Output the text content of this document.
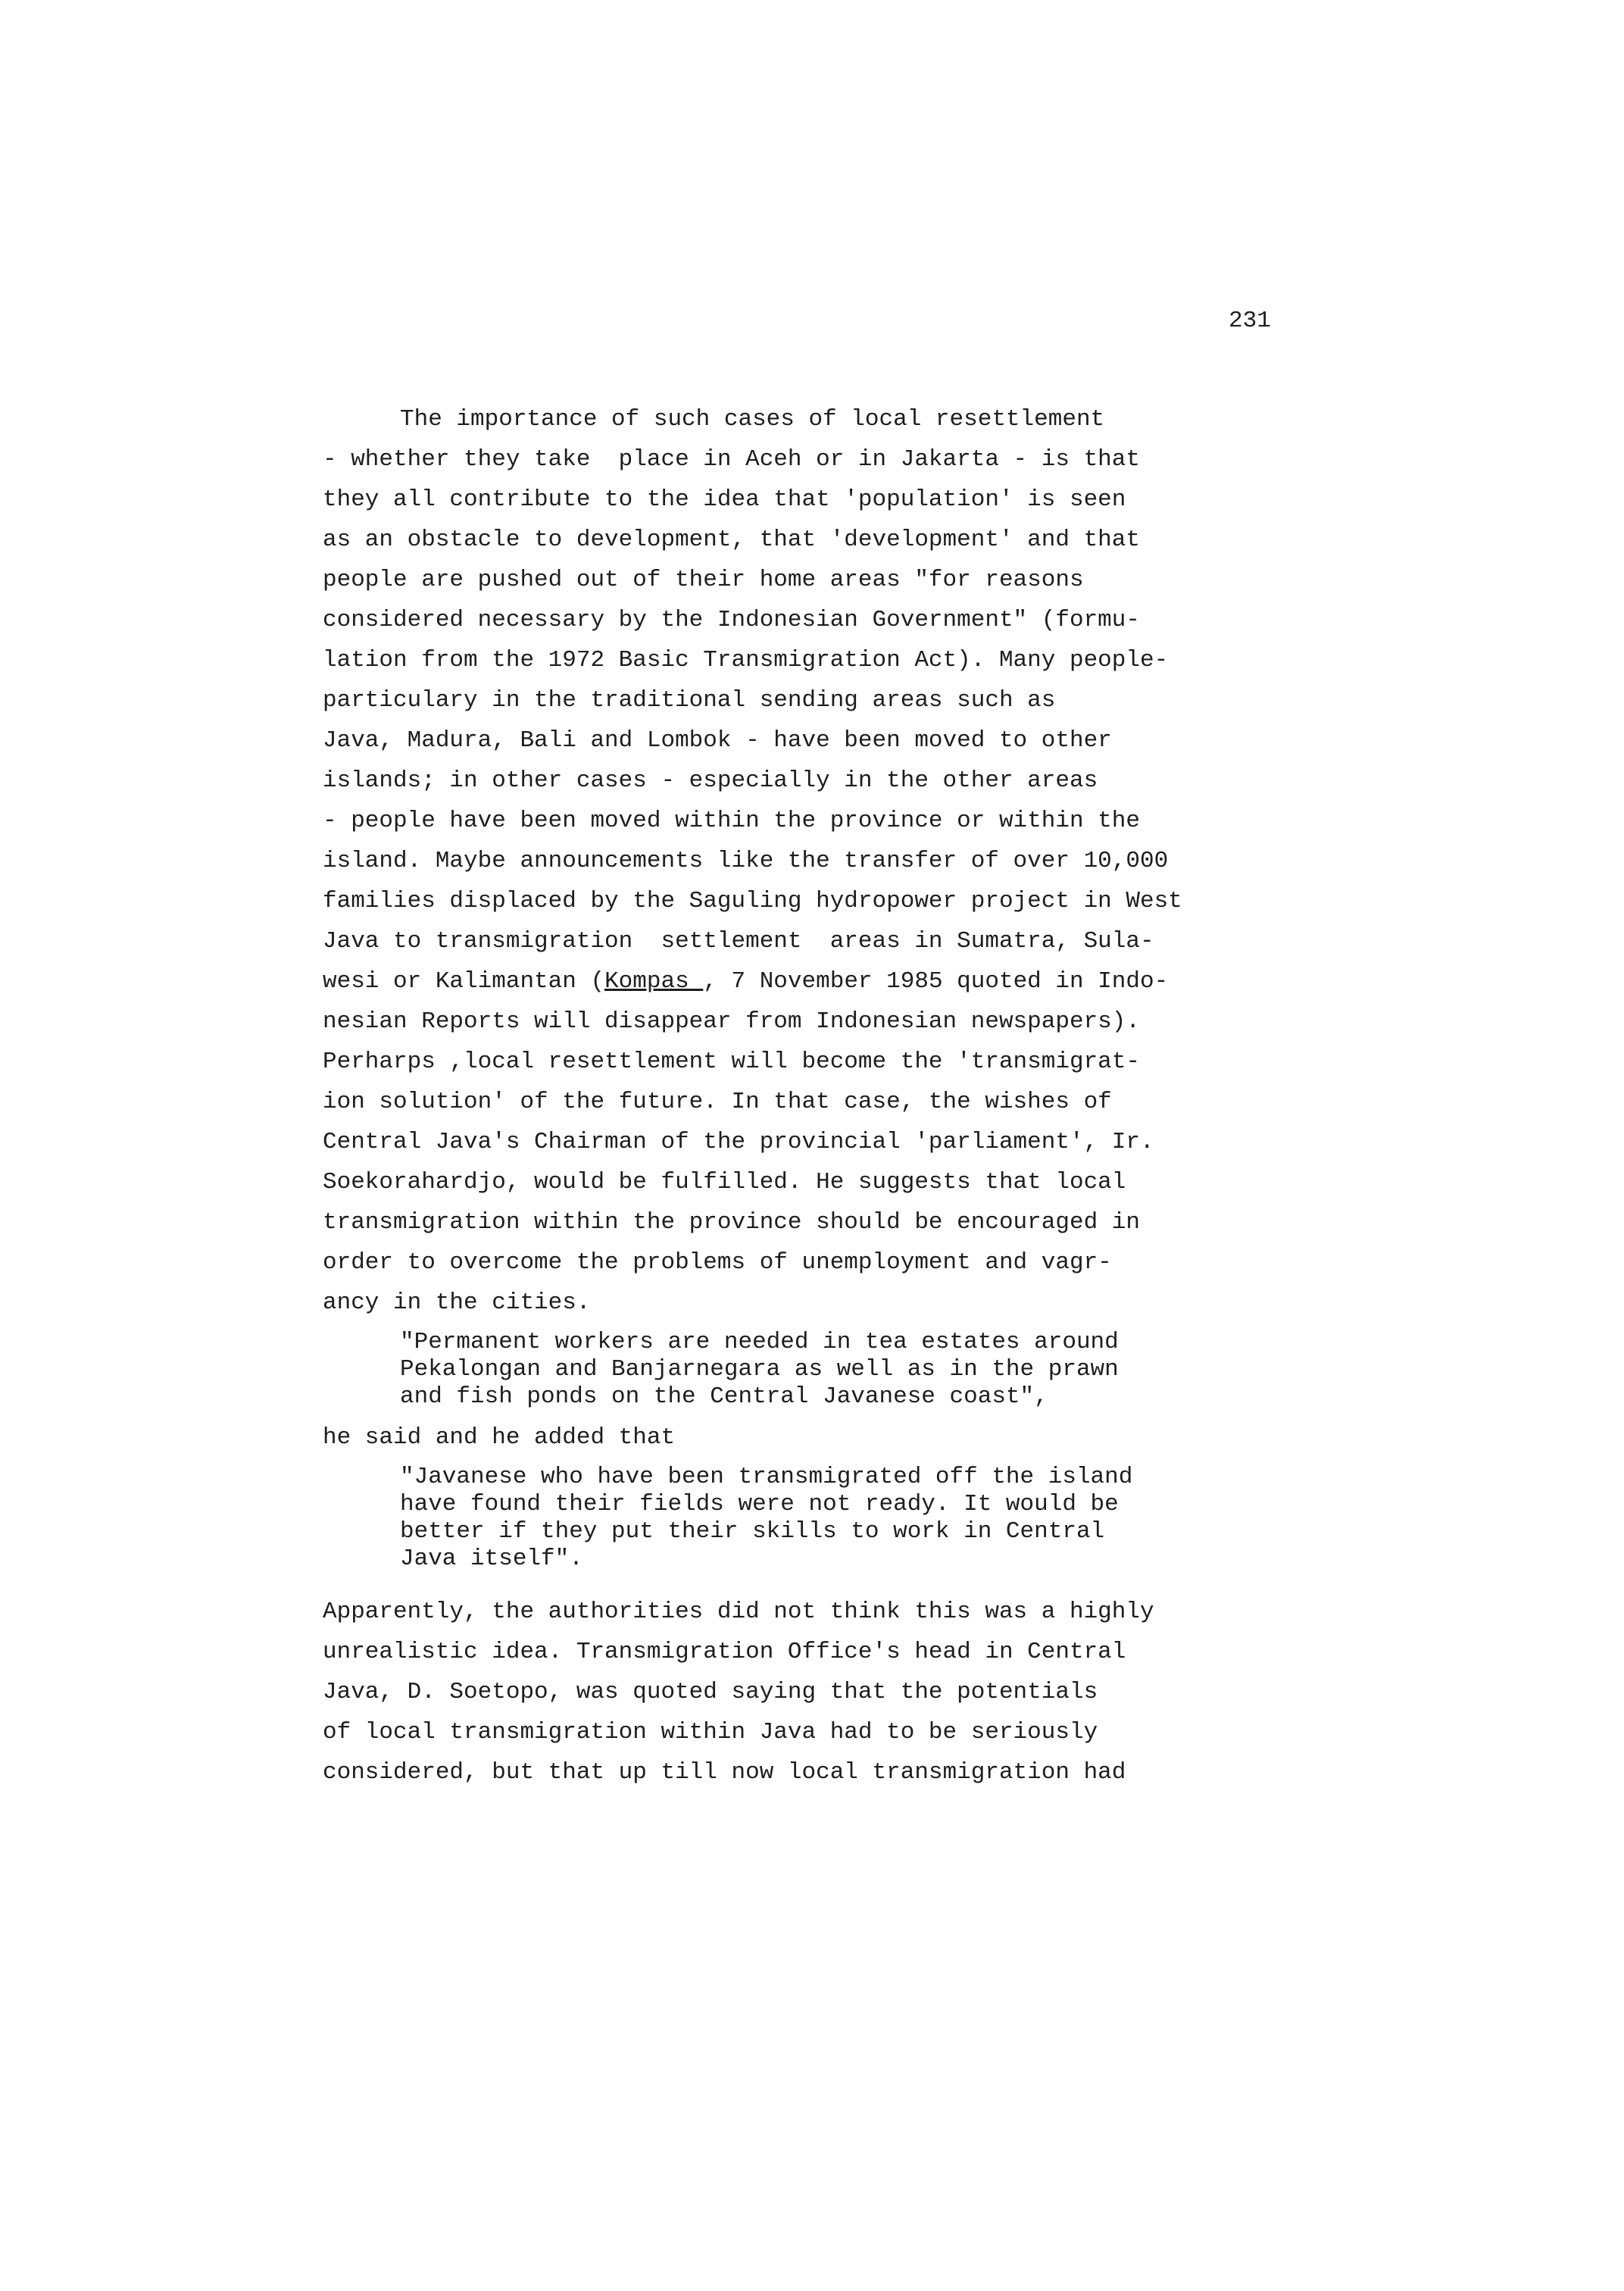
231
The importance of such cases of local resettlement
- whether they take  place in Aceh or in Jakarta - is that
they all contribute to the idea that 'population' is seen
as an obstacle to development, that 'development' and that
people are pushed out of their home areas "for reasons
considered necessary by the Indonesian Government" (formu-
lation from the 1972 Basic Transmigration Act). Many people-
particulary in the traditional sending areas such as
Java, Madura, Bali and Lombok - have been moved to other
islands; in other cases - especially in the other areas
- people have been moved within the province or within the
island. Maybe announcements like the transfer of over 10,000
families displaced by the Saguling hydropower project in West
Java to transmigration  settlement  areas in Sumatra, Sula-
wesi or Kalimantan (Kompas , 7 November 1985 quoted in Indo-
nesian Reports will disappear from Indonesian newspapers).
Perharps ,local resettlement will become the 'transmigrat-
ion solution' of the future. In that case, the wishes of
Central Java's Chairman of the provincial 'parliament', Ir.
Soekorahardjo, would be fulfilled. He suggests that local
transmigration within the province should be encouraged in
order to overcome the problems of unemployment and vagr-
ancy in the cities.
"Permanent workers are needed in tea estates around
Pekalongan and Banjarnegara as well as in the prawn
and fish ponds on the Central Javanese coast",
he said and he added that
"Javanese who have been transmigrated off the island
have found their fields were not ready. It would be
better if they put their skills to work in Central
Java itself".
Apparently, the authorities did not think this was a highly
unrealistic idea. Transmigration Office's head in Central
Java, D. Soetopo, was quoted saying that the potentials
of local transmigration within Java had to be seriously
considered, but that up till now local transmigration had
